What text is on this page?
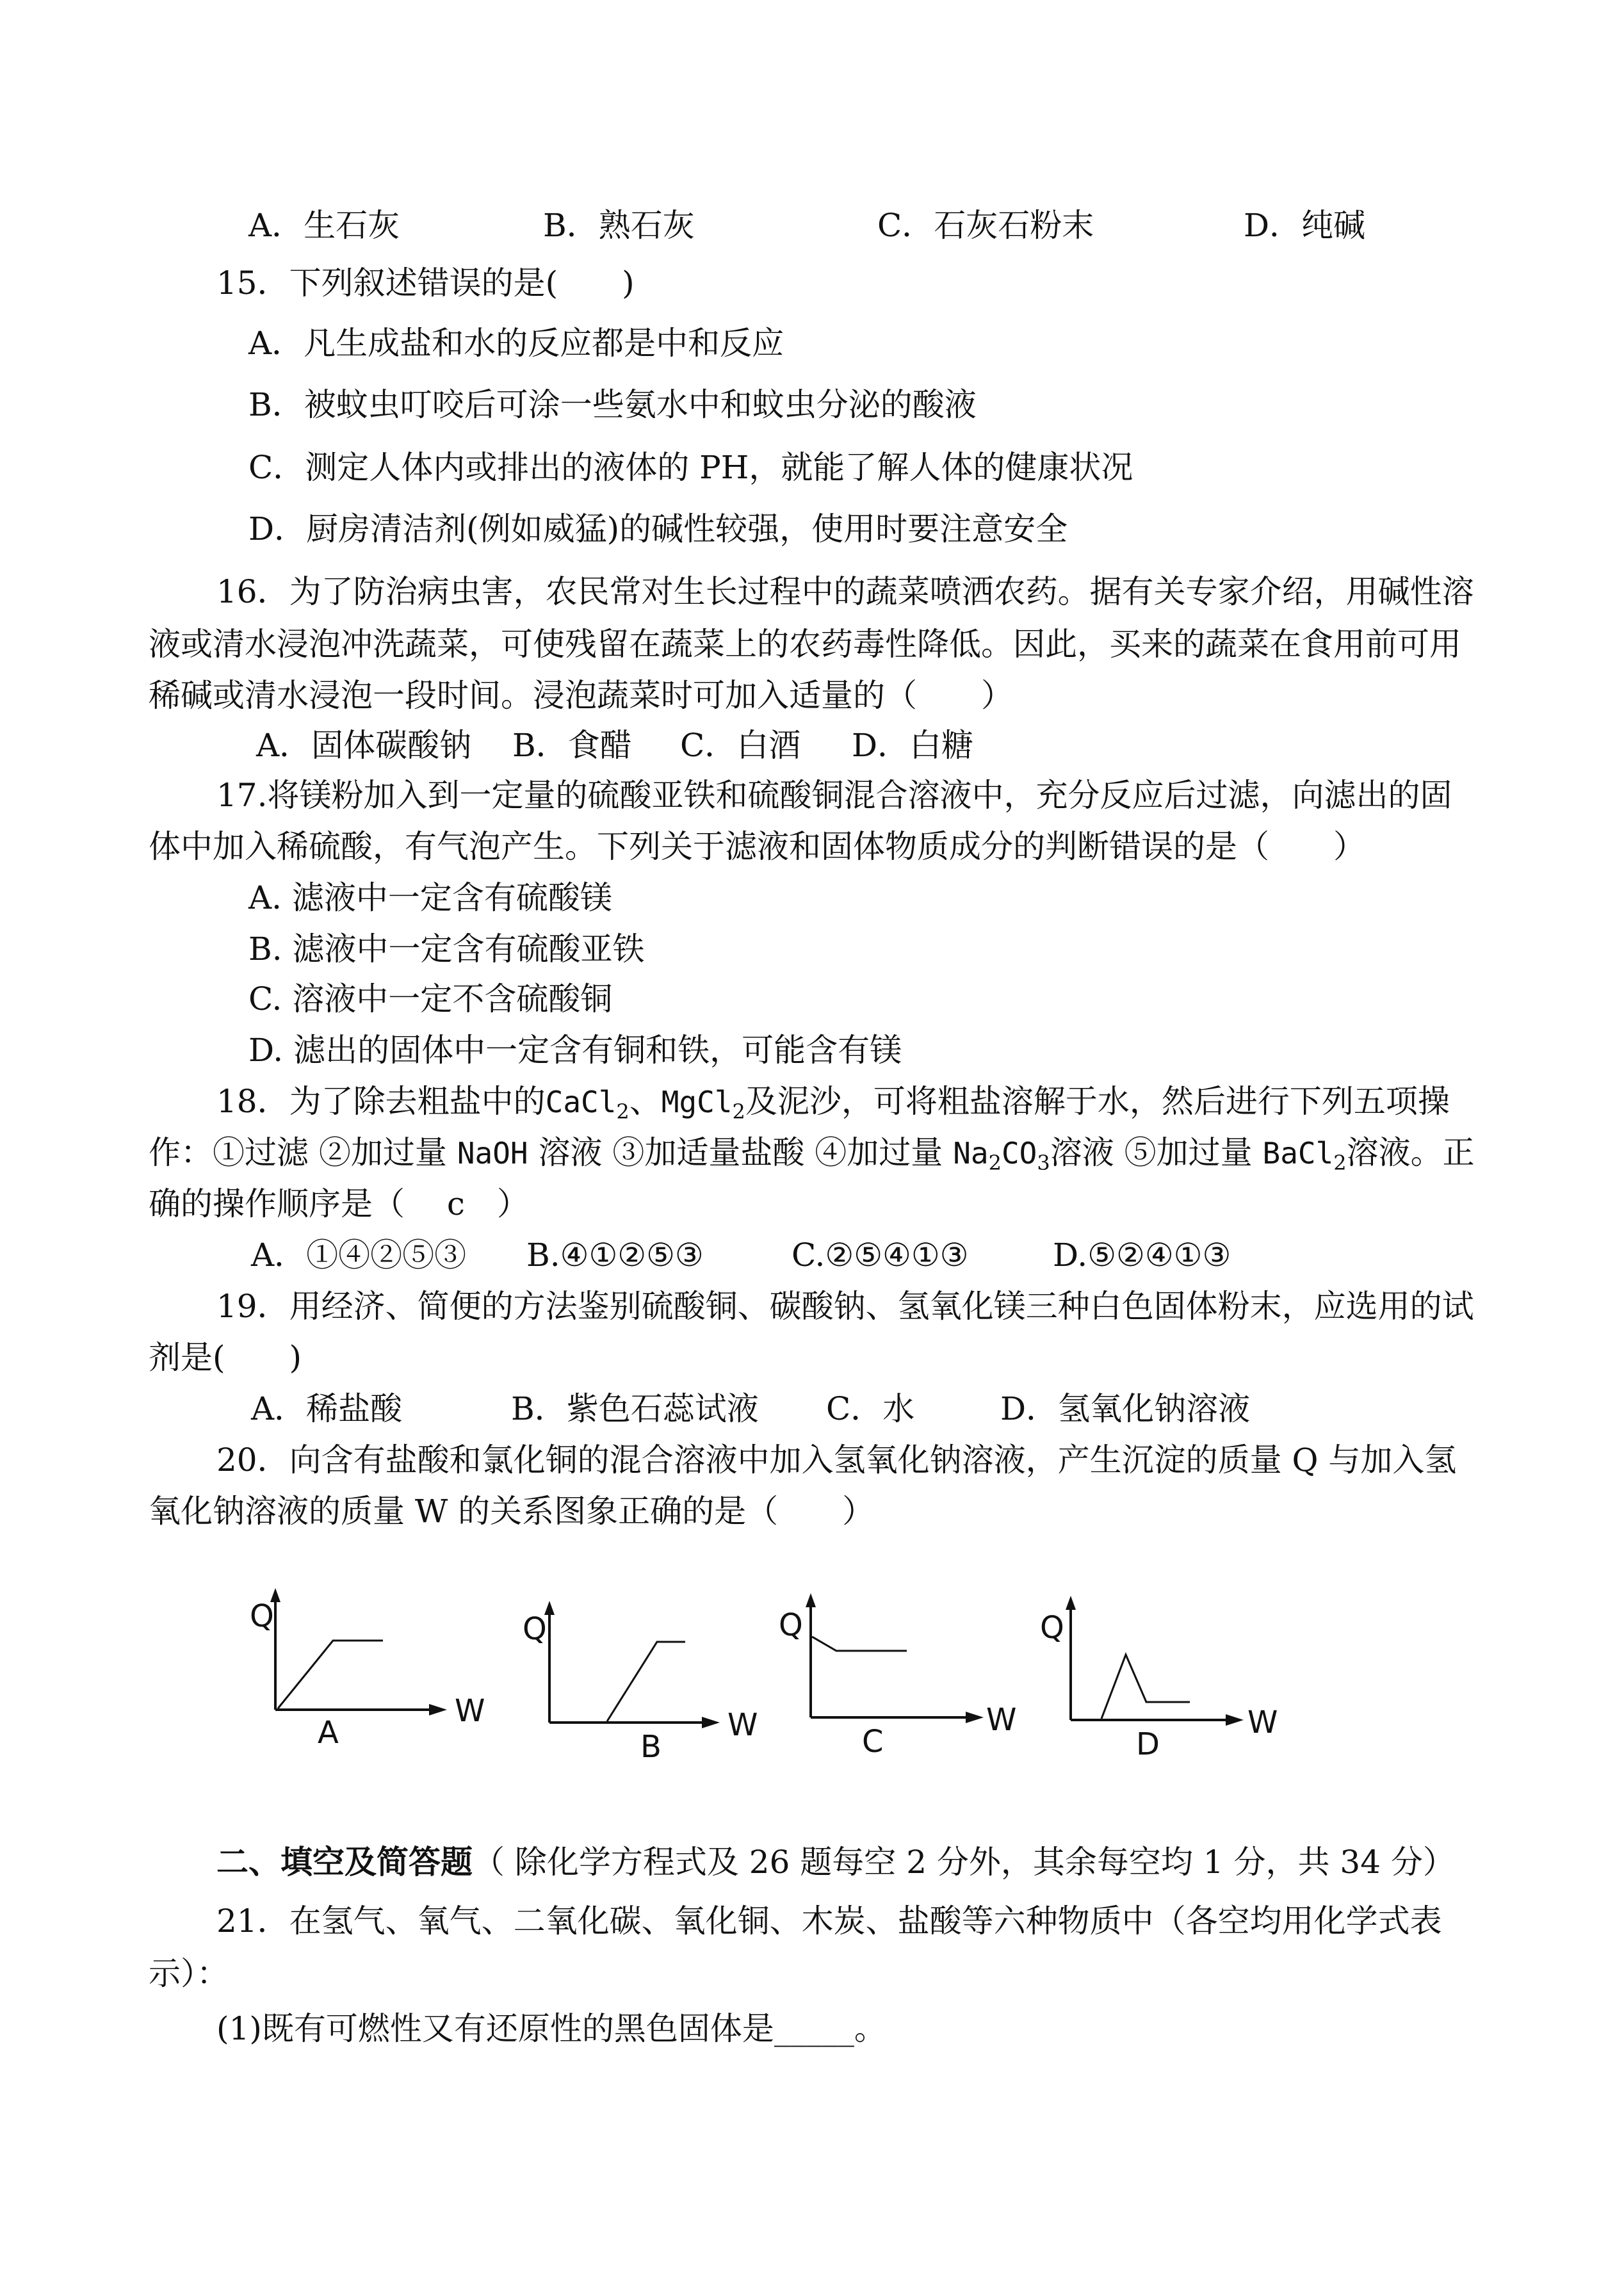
A．生石灰	B．熟石灰	C．石灰石粉末	D．纯碱
15．下列叙述错误的是(　　)
A．凡生成盐和水的反应都是中和反应
B．被蚊虫叮咬后可涂一些氨水中和蚊虫分泌的酸液
C．测定人体内或排出的液体的 PH，就能了解人体的健康状况
D．厨房清洁剂(例如威猛)的碱性较强，使用时要注意安全
16．为了防治病虫害，农民常对生长过程中的蔬菜喷洒农药。据有关专家介绍，用碱性溶
液或清水浸泡冲洗蔬菜，可使残留在蔬菜上的农药毒性降低。因此，买来的蔬菜在食用前可用
稀碱或清水浸泡一段时间。浸泡蔬菜时可加入适量的（　　）
A．固体碳酸钠 B．食醋 C．白酒 D．白糖
17.将镁粉加入到一定量的硫酸亚铁和硫酸铜混合溶液中，充分反应后过滤，向滤出的固
体中加入稀硫酸，有气泡产生。下列关于滤液和固体物质成分的判断错误的是（　　）
A. 滤液中一定含有硫酸镁
B. 滤液中一定含有硫酸亚铁
C. 溶液中一定不含硫酸铜
D. 滤出的固体中一定含有铜和铁，可能含有镁
18．为了除去粗盐中的CaCl$_2$、MgCl$_2$及泥沙，可将粗盐溶解于水，然后进行下列五项操
作：①过滤 ②加过量 NaOH 溶液 ③加适量盐酸 ④加过量 $Na_2CO_3$溶液 ⑤加过量 BaCl$_2$溶液。正
确的操作顺序是（　 c　）
A．①④②⑤③ B.④①②⑤③	C.②⑤④①③	D.⑤②④①③
19．用经济、简便的方法鉴别硫酸铜、碳酸钠、氢氧化镁三种白色固体粉末，应选用的试
剂是(　　)
A．稀盐酸	B．紫色石蕊试液 C．水	D．氢氧化钠溶液
20．向含有盐酸和氯化铜的混合溶液中加入氢氧化钠溶液，产生沉淀的质量 Q 与加入氢
氧化钠溶液的质量 W 的关系图象正确的是（　　）
Q
W
A
Q
W
B
Q
W
C
Q
W
D
二、填空及简答题（ 除化学方程式及 26 题每空 2 分外，其余每空均 1 分，共 34 分）
21．在氢气、氧气、二氧化碳、氧化铜、木炭、盐酸等六种物质中（各空均用化学式表
示）：
(1)既有可燃性又有还原性的黑色固体是_____。
